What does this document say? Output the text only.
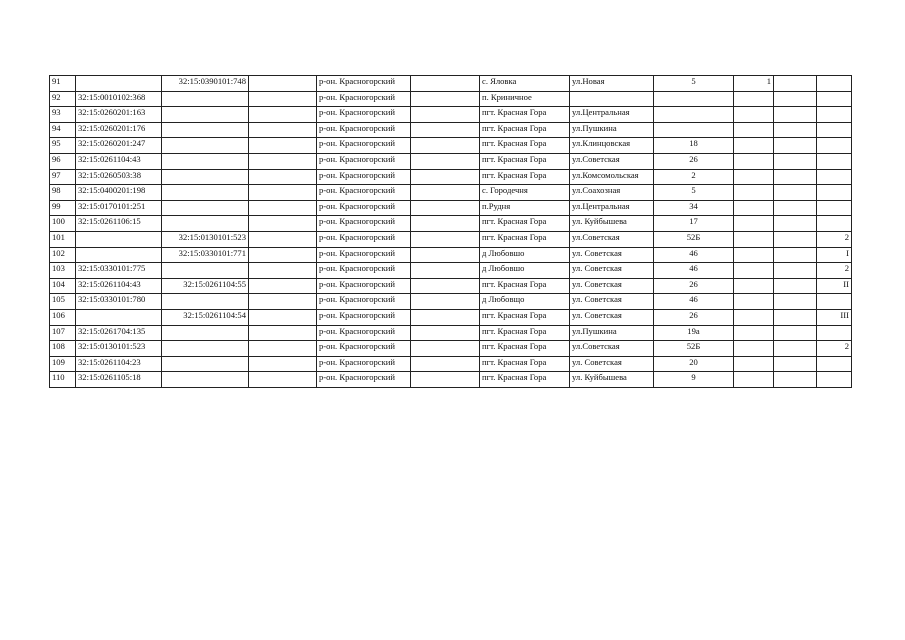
91		32:15:0390101:748		р-он. Красногорский		с. Яловка	ул.Новая	5	1		
92	32:15:0010102:368			р-он. Красногорский		п. Криничное					
93	32:15:0260201:163			р-он. Красногорский		пгт. Красная Гора	ул.Центральная				
94	32:15:0260201:176			р-он. Красногорский		пгт. Красная Гора	ул.Пушкина				
95	32:15:0260201:247			р-он. Красногорский		пгт. Красная Гора	ул.Клинцовская	18			
96	32:15:0261104:43			р-он. Красногорский		пгт. Красная Гора	ул.Советская	26			
97	32:15:0260503:38			р-он. Красногорский		пгт. Красная Гора	ул.Комсомольская	2			
98	32:15:0400201:198			р-он. Красногорский		с. Городечня	ул.Соахозная	5			
99	32:15:0170101:251			р-он. Красногорский		п.Рудня	ул.Центральная	34			
100	32:15:0261106:15			р-он. Красногорский		пгт. Красная Гора	ул. Куйбышева	17			
101		32:15:0130101:523		р-он. Красногорский		пгт. Красная Гора	ул.Советская	52Б			2
102		32:15:0330101:771		р-он. Красногорский		д Любовшо	ул. Советская	46			I
103	32:15:0330101:775			р-он. Красногорский		д Любовшо	ул. Советская	46			2
104	32:15:0261104:43	32:15:0261104:55		р-он. Красногорский		пгт. Красная Гора	ул. Советская	26			II
105	32:15:0330101:780			р-он. Красногорский		д Любовщо	ул. Советская	46			
106		32:15:0261104:54		р-он. Красногорский		пгт. Красная Гора	ул. Советская	26			III
107	32:15:0261704:135			р-он. Красногорский		пгт. Красная Гора	ул.Пушкина	19а			
108	32:15:0130101:523			р-он. Красногорский		пгт. Красная Гора	ул.Советская	52Б			2
109	32:15:0261104:23			р-он. Красногорский		пгт. Красная Гора	ул. Советская	20			
110	32:15:0261105:18			р-он. Красногорский		пгт. Красная Гора	ул. Куйбышева	9			
